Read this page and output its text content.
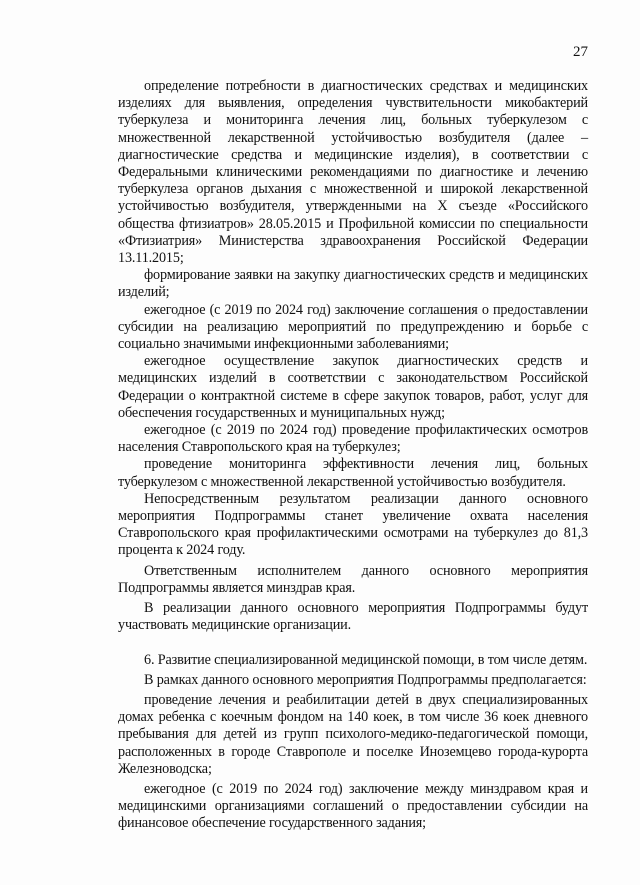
27

определение потребности в диагностических средствах и медицинских изделиях для выявления, определения чувствительности микобактерий туберкулеза и мониторинга лечения лиц, больных туберкулезом с множественной лекарственной устойчивостью возбудителя (далее – диагностические средства и медицинские изделия), в соответствии с Федеральными клиническими рекомендациями по диагностике и лечению туберкулеза органов дыхания с множественной и широкой лекарственной устойчивостью возбудителя, утвержденными на X съезде «Российского общества фтизиатров» 28.05.2015 и Профильной комиссии по специальности «Фтизиатрия» Министерства здравоохранения Российской Федерации 13.11.2015;

формирование заявки на закупку диагностических средств и медицинских изделий;

ежегодное (с 2019 по 2024 год) заключение соглашения о предоставлении субсидии на реализацию мероприятий по предупреждению и борьбе с социально значимыми инфекционными заболеваниями;

ежегодное осуществление закупок диагностических средств и медицинских изделий в соответствии с законодательством Российской Федерации о контрактной системе в сфере закупок товаров, работ, услуг для обеспечения государственных и муниципальных нужд;

ежегодное (с 2019 по 2024 год) проведение профилактических осмотров населения Ставропольского края на туберкулез;

проведение мониторинга эффективности лечения лиц, больных туберкулезом с множественной лекарственной устойчивостью возбудителя.

Непосредственным результатом реализации данного основного мероприятия Подпрограммы станет увеличение охвата населения Ставропольского края профилактическими осмотрами на туберкулез до 81,3 процента к 2024 году.

Ответственным исполнителем данного основного мероприятия Подпрограммы является минздрав края.

В реализации данного основного мероприятия Подпрограммы будут участвовать медицинские организации.

6. Развитие специализированной медицинской помощи, в том числе детям.

В рамках данного основного мероприятия Подпрограммы предполагается:

проведение лечения и реабилитации детей в двух специализированных домах ребенка с коечным фондом на 140 коек, в том числе 36 коек дневного пребывания для детей из групп психолого-медико-педагогической помощи, расположенных в городе Ставрополе и поселке Иноземцево города-курорта Железноводска;

ежегодное (с 2019 по 2024 год) заключение между минздравом края и медицинскими организациями соглашений о предоставлении субсидии на финансовое обеспечение государственного задания;
